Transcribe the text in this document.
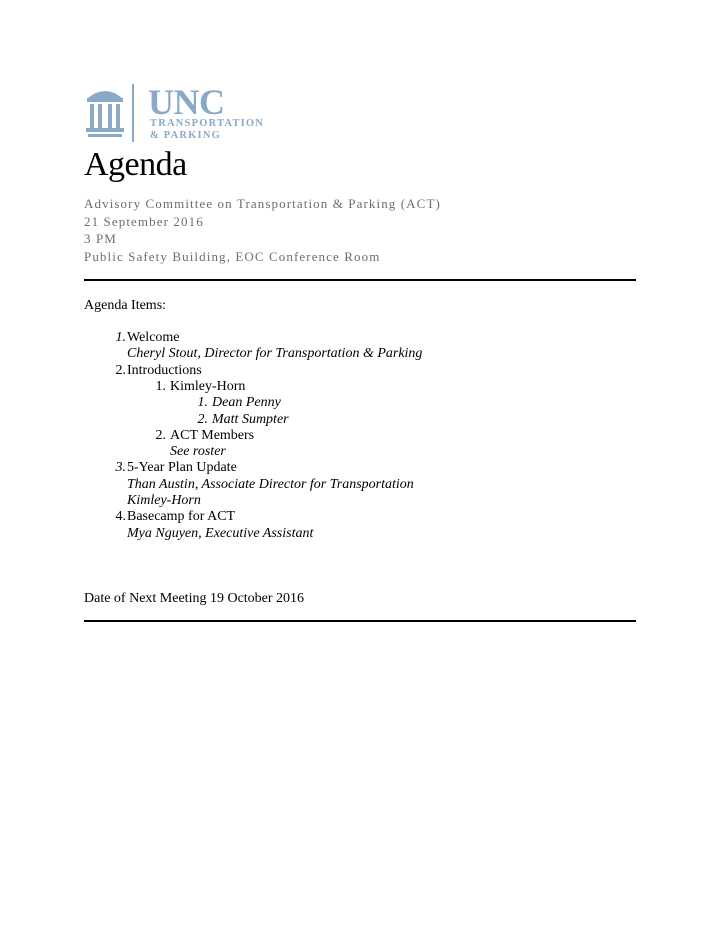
UNC
TRANSPORTATION
& PARKING
Agenda
Advisory Committee on Transportation & Parking (ACT)
21 September 2016
3 PM
Public Safety Building, EOC Conference Room
Agenda Items:
1. Welcome
Cheryl Stout, Director for Transportation & Parking
2. Introductions
1. Kimley-Horn
1. Dean Penny
2. Matt Sumpter
2. ACT Members
See roster
3. 5-Year Plan Update
Than Austin, Associate Director for Transportation
Kimley-Horn
4. Basecamp for ACT
Mya Nguyen, Executive Assistant
Date of Next Meeting 19 October 2016
